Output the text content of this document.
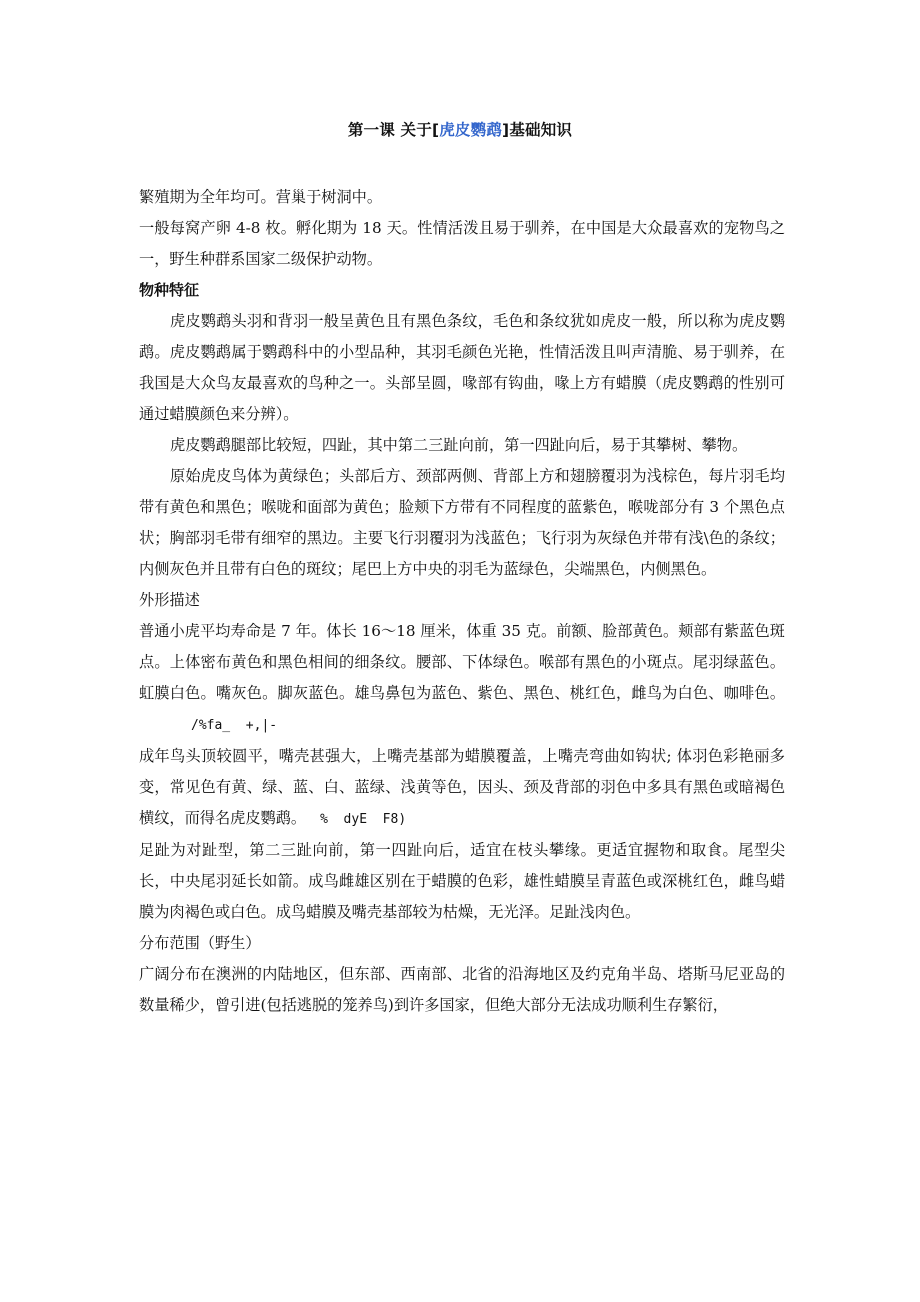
第一课 关于[虎皮鹦鹉]基础知识

繁殖期为全年均可。营巢于树洞中。

一般每窝产卵 4-8 枚。孵化期为 18 天。性情活泼且易于驯养，在中国是大众最喜欢的宠物鸟之一，野生种群系国家二级保护动物。

物种特征

虎皮鹦鹉头羽和背羽一般呈黄色且有黑色条纹，毛色和条纹犹如虎皮一般，所以称为虎皮鹦鹉。虎皮鹦鹉属于鹦鹉科中的小型品种，其羽毛颜色光艳，性情活泼且叫声清脆、易于驯养，在我国是大众鸟友最喜欢的鸟种之一。头部呈圆，喙部有钩曲，喙上方有蜡膜（虎皮鹦鹉的性别可通过蜡膜颜色来分辨）。

虎皮鹦鹉腿部比较短，四趾，其中第二三趾向前，第一四趾向后，易于其攀树、攀物。

原始虎皮鸟体为黄绿色；头部后方、颈部两侧、背部上方和翅膀覆羽为浅棕色，每片羽毛均带有黄色和黑色；喉咙和面部为黄色；脸颊下方带有不同程度的蓝紫色，喉咙部分有 3 个黑色点状；胸部羽毛带有细窄的黑边。主要飞行羽覆羽为浅蓝色；飞行羽为灰绿色并带有浅\色的条纹；内侧灰色并且带有白色的斑纹；尾巴上方中央的羽毛为蓝绿色，尖端黑色，内侧黑色。

外形描述

普通小虎平均寿命是 7 年。体长 16～18 厘米，体重 35 克。前额、脸部黄色。颊部有紫蓝色斑点。上体密布黄色和黑色相间的细条纹。腰部、下体绿色。喉部有黑色的小斑点。尾羽绿蓝色。虹膜白色。嘴灰色。脚灰蓝色。雄鸟鼻包为蓝色、紫色、黑色、桃红色，雌鸟为白色、咖啡色。/%fa_  +,|-

成年鸟头顶较圆平，嘴壳甚强大，上嘴壳基部为蜡膜覆盖，上嘴壳弯曲如钩状; 体羽色彩艳丽多变，常见色有黄、绿、蓝、白、蓝绿、浅黄等色，因头、颈及背部的羽色中多具有黑色或暗褐色横纹，而得名虎皮鹦鹉。 %  dyE  F8)

足趾为对趾型，第二三趾向前，第一四趾向后，适宜在枝头攀缘。更适宜握物和取食。尾型尖长，中央尾羽延长如箭。成鸟雌雄区别在于蜡膜的色彩，雄性蜡膜呈青蓝色或深桃红色，雌鸟蜡膜为肉褐色或白色。成鸟蜡膜及嘴壳基部较为枯燥，无光泽。足趾浅肉色。

分布范围（野生）

广阔分布在澳洲的内陆地区，但东部、西南部、北省的沿海地区及约克角半岛、塔斯马尼亚岛的数量稀少，曾引进(包括逃脱的笼养鸟)到许多国家，但绝大部分无法成功顺利生存繁衍，
